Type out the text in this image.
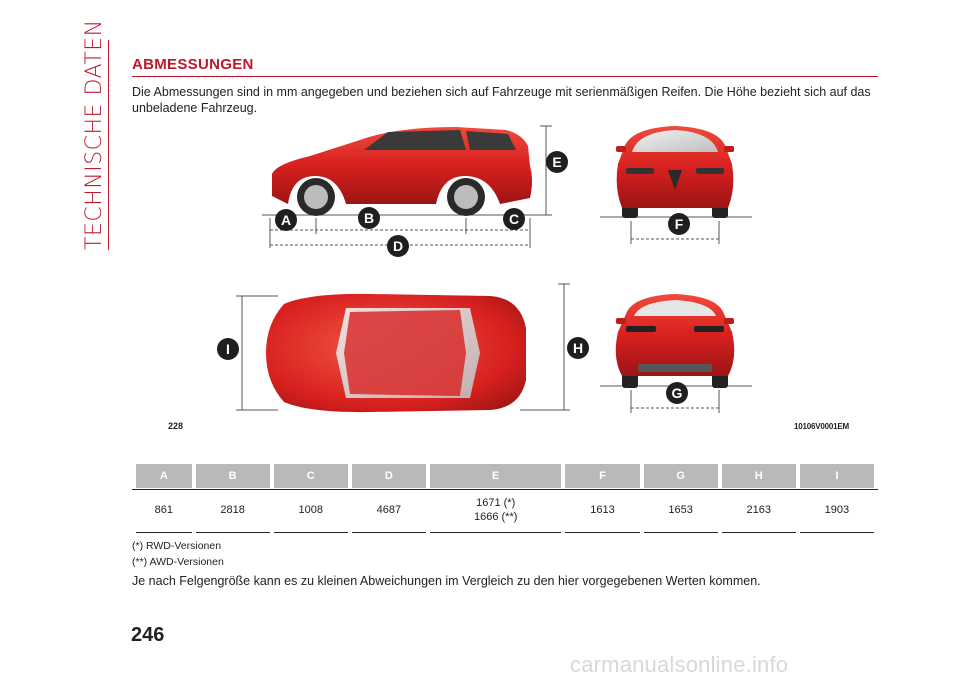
TECHNISCHE DATEN ABMESSUNGEN
Die Abmessungen sind in mm angegeben und beziehen sich auf Fahrzeuge mit serienmäßigen Reifen. Die Höhe bezieht sich auf das unbeladene Fahrzeug.
A	B	C
D
E
F
G
H
I
228	10106V0001EM
A	B	C	D	E	F	G	H	I
861	2818	1008	4687	1671 (*)
1666 (**)	1613	1653	2163	1903
(*) RWD-Versionen
(**) AWD-Versionen
Je nach Felgengröße kann es zu kleinen Abweichungen im Vergleich zu den hier vorgegebenen Werten kommen.
246
carmanualsonline.info
